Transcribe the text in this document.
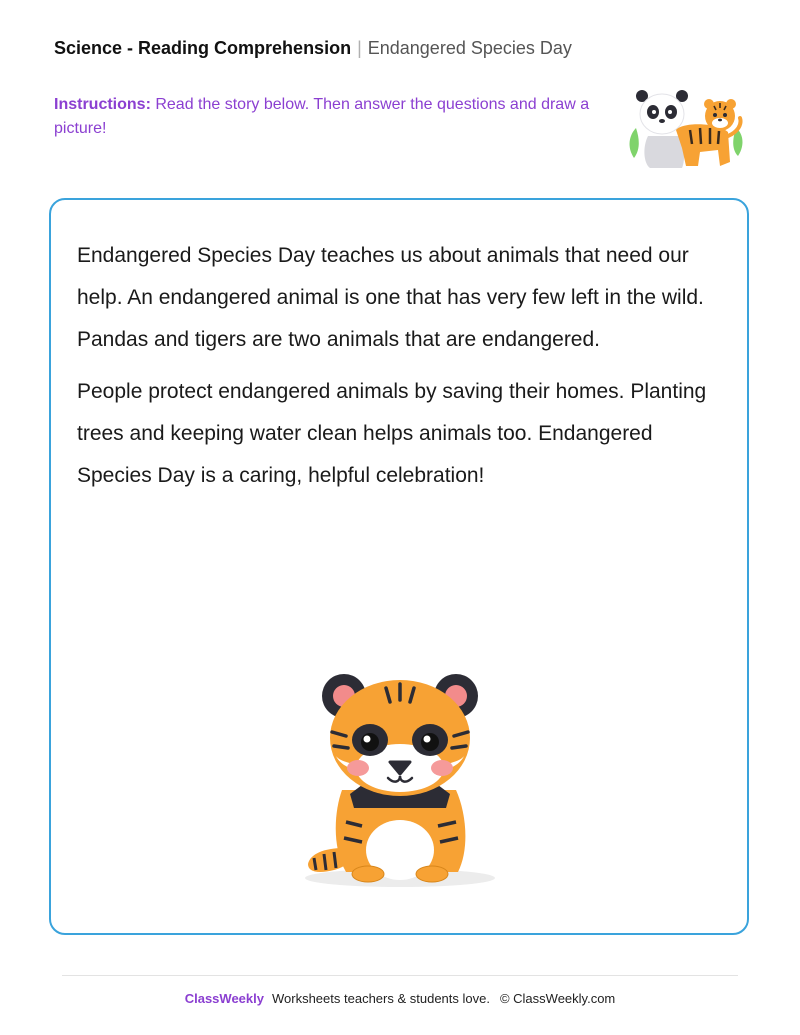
Science - Reading Comprehension | Endangered Species Day
Instructions: Read the story below. Then answer the questions and draw a picture!

Endangered Species Day teaches us about animals that need our help. An endangered animal is one that has very few left in the wild. Pandas and tigers are two animals that are endangered.

People protect endangered animals by saving their homes. Planting trees and keeping water clean helps animals too. Endangered Species Day is a caring, helpful celebration!

ClassWeekly Worksheets teachers & students love. © ClassWeekly.com
